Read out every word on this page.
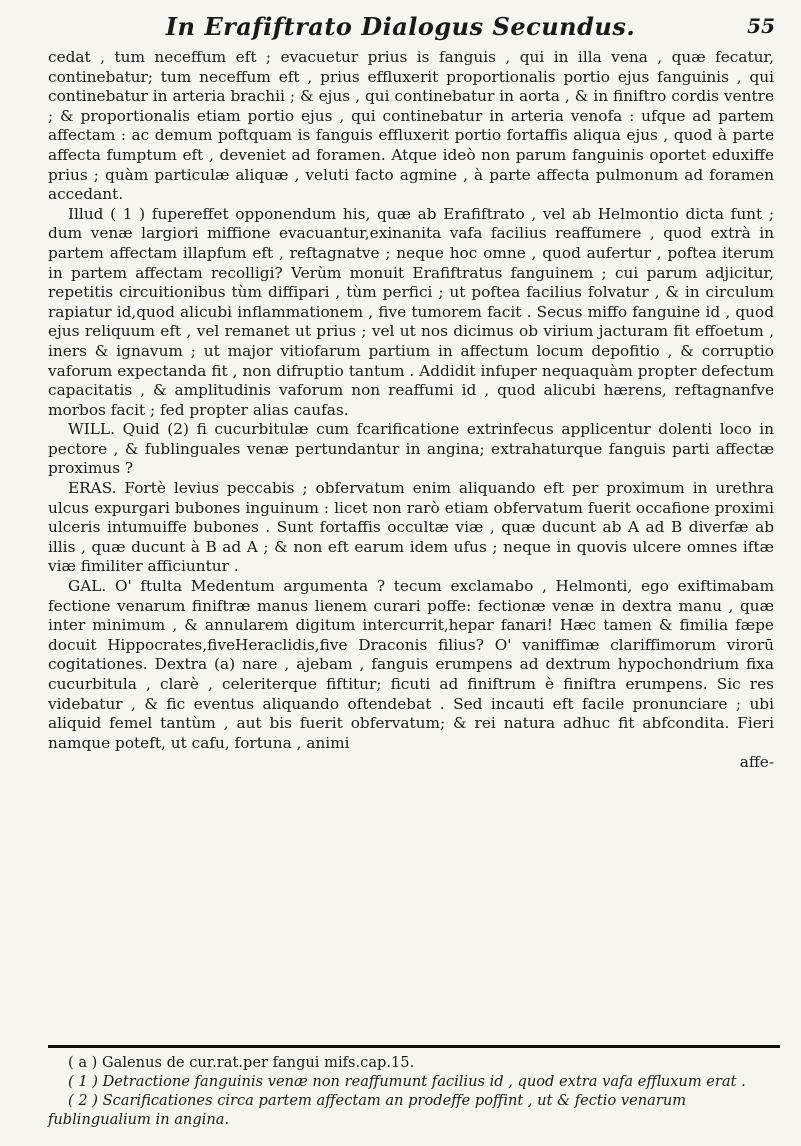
In Erafiftrato Dialogus Secundus.	55

cedat , tum neceffum eft ; evacuetur prius is fanguis , qui in illa vena , quæ fecatur, continebatur; tum neceffum eft , prius effluxerit proportionalis portio ejus fanguinis , qui continebatur in arteria brachii ; & ejus , qui continebatur in aorta , & in finiftro cordis ventre ; & proportionalis etiam portio ejus , qui continebatur in arteria venofa : ufque ad partem affectam : ac demum poftquam is fanguis effluxerit portio fortaffis aliqua ejus , quod à parte affecta fumptum eft , deveniet ad foramen. Atque ideò non parum fanguinis oportet eduxiffe prius ; quàm particulæ aliquæ , veluti facto agmine , à parte affecta pulmonum ad foramen accedant.

Illud ( 1 ) fupereffet opponendum his, quæ ab Erafiftrato , vel ab Helmontio dicta funt ; dum venæ largiori miffione evacuantur,exinanita vafa facilius reaffumere , quod extrà in partem affectam illapfum eft , reftagnatve ; neque hoc omne , quod aufertur , poftea iterum in partem affectam recolligi? Verùm monuit Erafiftratus fanguinem ; cui parum adjicitur, repetitis circuitionibus tùm diffipari , tùm perfici ; ut poftea facilius folvatur , & in circulum rapiatur id,quod alicubi inflammationem , five tumorem facit . Secus miffo fanguine id , quod ejus reliquum eft , vel remanet ut prius ; vel ut nos dicimus ob virium jacturam fit effoetum , iners & ignavum ; ut major vitiofarum partium in affectum locum depofitio , & corruptio vaforum expectanda fit , non difruptio tantum . Addidit infuper nequaquàm propter defectum capacitatis , & amplitudinis vaforum non reaffumi id , quod alicubi hærens, reftagnanfve morbos facit ; fed propter alias caufas.

WILL. Quid (2) fi cucurbitulæ cum fcarificatione extrinfecus applicentur dolenti loco in pectore , & fublinguales venæ pertundantur in angina; extrahaturque fanguis parti affectæ proximus ?

ERAS. Fortè levius peccabis ; obfervatum enim aliquando eft per proximum in urethra ulcus expurgari bubones inguinum : licet non rarò etiam obfervatum fuerit occafione proximi ulceris intumuiffe bubones . Sunt fortaffis occultæ viæ , quæ ducunt ab A ad B diverfæ ab illis , quæ ducunt à B ad A ; & non eft earum idem ufus ; neque in quovis ulcere omnes iftæ viæ fimiliter afficiuntur .

GAL. O' ftulta Medentum argumenta ? tecum exclamabo , Helmonti, ego exiftimabam fectione venarum finiftræ manus lienem curari poffe: fectionæ venæ in dextra manu , quæ inter minimum , & annularem digitum intercurrit,hepar fanari! Hæc tamen & fimilia fæpe docuit Hippocrates,fiveHeraclidis,five Draconis filius? O' vaniffimæ clariffimorum virorū cogitationes. Dextra (a) nare , ajebam , fanguis erumpens ad dextrum hypochondrium fixa cucurbitula , clarè , celeriterque fiftitur; ficuti ad finiftrum è finiftra erumpens. Sic res videbatur , & fic eventus aliquando oftendebat . Sed incauti eft facile pronunciare ; ubi aliquid femel tantùm , aut bis fuerit obfervatum; & rei natura adhuc fit abfcondita. Fieri namque poteft, ut cafu, fortuna , animi

affe-

( a ) Galenus de cur.rat.per fangui mifs.cap.15.

( 1 ) Detractione fanguinis venæ non reaffumunt facilius id , quod extra vafa effluxum erat .

( 2 ) Scarificationes circa partem affectam an prodeffe poffint , ut & fectio venarum fublingualium in angina.
